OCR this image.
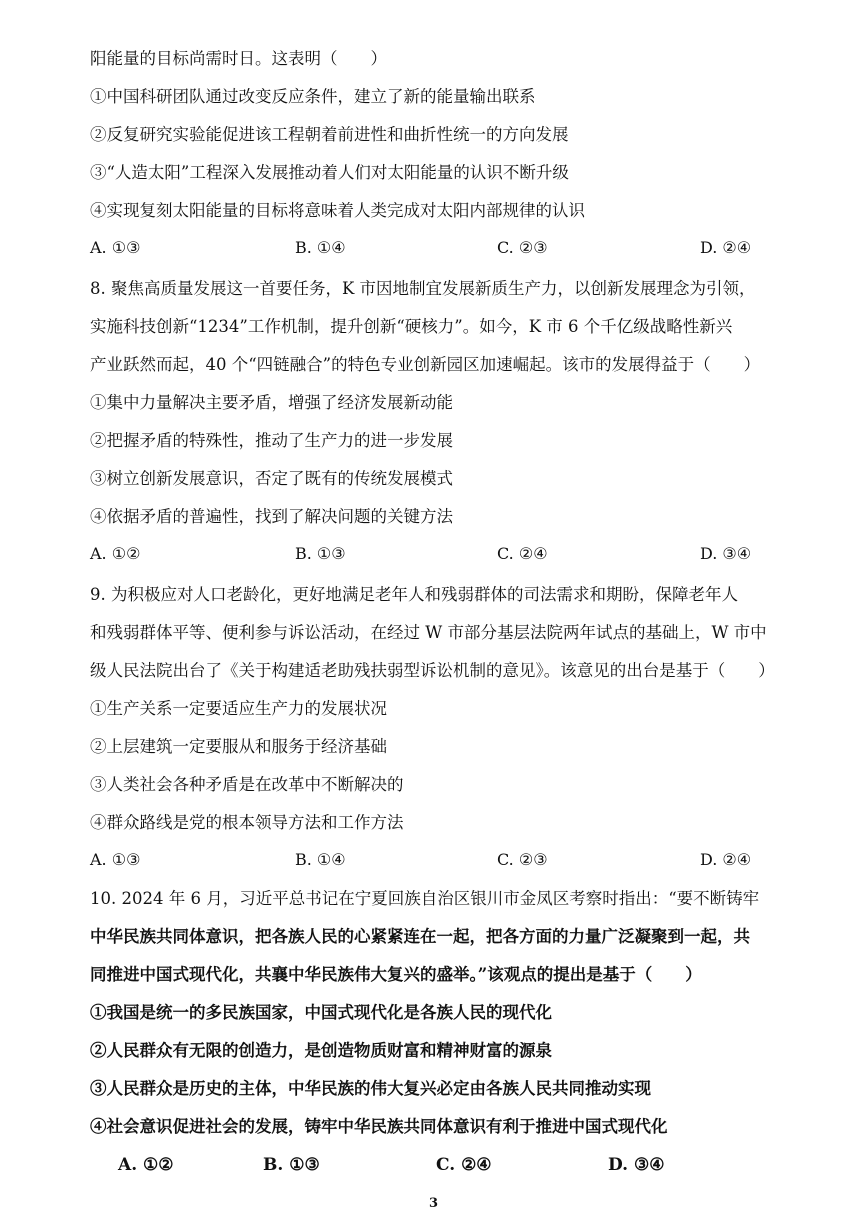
阳能量的目标尚需时日。这表明（　　）
①中国科研团队通过改变反应条件，建立了新的能量输出联系
②反复研究实验能促进该工程朝着前进性和曲折性统一的方向发展
③“人造太阳”工程深入发展推动着人们对太阳能量的认识不断升级
④实现复刻太阳能量的目标将意味着人类完成对太阳内部规律的认识
A. ①③	B. ①④	C. ②③	D. ②④
8. 聚焦高质量发展这一首要任务，K 市因地制宜发展新质生产力，以创新发展理念为引领，
实施科技创新“1234”工作机制，提升创新“硬核力”。如今，K 市 6 个千亿级战略性新兴
产业跃然而起，40 个“四链融合”的特色专业创新园区加速崛起。该市的发展得益于（　　）
①集中力量解决主要矛盾，增强了经济发展新动能
②把握矛盾的特殊性，推动了生产力的进一步发展
③树立创新发展意识，否定了既有的传统发展模式
④依据矛盾的普遍性，找到了解决问题的关键方法
A. ①②	B. ①③	C. ②④	D. ③④
9. 为积极应对人口老龄化，更好地满足老年人和残弱群体的司法需求和期盼，保障老年人
和残弱群体平等、便利参与诉讼活动，在经过 W 市部分基层法院两年试点的基础上，W 市中
级人民法院出台了《关于构建适老助残扶弱型诉讼机制的意见》。该意见的出台是基于（　　）
①生产关系一定要适应生产力的发展状况
②上层建筑一定要服从和服务于经济基础
③人类社会各种矛盾是在改革中不断解决的
④群众路线是党的根本领导方法和工作方法
A. ①③	B. ①④	C. ②③	D. ②④
10. 2024 年 6 月，习近平总书记在宁夏回族自治区银川市金凤区考察时指出：“要不断铸牢
中华民族共同体意识，把各族人民的心紧紧连在一起，把各方面的力量广泛凝聚到一起，共
同推进中国式现代化，共襄中华民族伟大复兴的盛举。”该观点的提出是基于（　　）
①我国是统一的多民族国家，中国式现代化是各族人民的现代化
②人民群众有无限的创造力，是创造物质财富和精神财富的源泉
③人民群众是历史的主体，中华民族的伟大复兴必定由各族人民共同推动实现
④社会意识促进社会的发展，铸牢中华民族共同体意识有利于推进中国式现代化
A. ①②	B. ①③	C. ②④	D. ③④
3
